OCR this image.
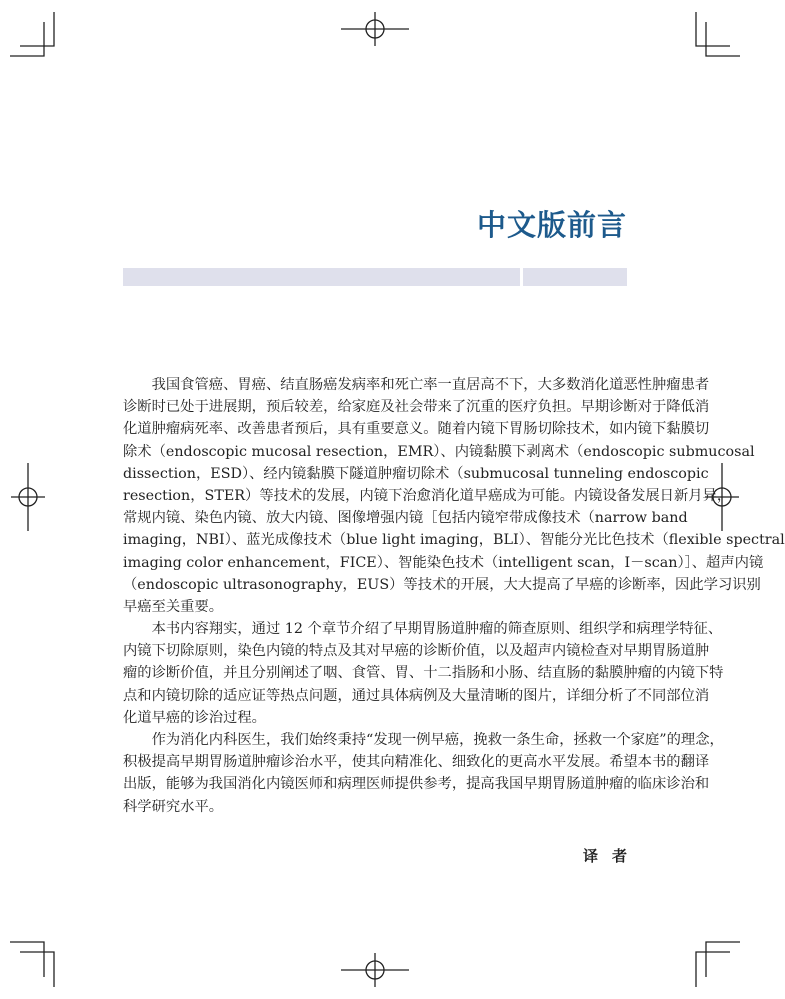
中文版前言
　　我国食管癌、胃癌、结直肠癌发病率和死亡率一直居高不下，大多数消化道恶性肿瘤患者
诊断时已处于进展期，预后较差，给家庭及社会带来了沉重的医疗负担。早期诊断对于降低消
化道肿瘤病死率、改善患者预后，具有重要意义。随着内镜下胃肠切除技术，如内镜下黏膜切
除术（endoscopic mucosal resection，EMR）、内镜黏膜下剥离术（endoscopic submucosal
dissection，ESD）、经内镜黏膜下隧道肿瘤切除术（submucosal tunneling endoscopic
resection，STER）等技术的发展，内镜下治愈消化道早癌成为可能。内镜设备发展日新月异，
常规内镜、染色内镜、放大内镜、图像增强内镜［包括内镜窄带成像技术（narrow band
imaging，NBI）、蓝光成像技术（blue light imaging，BLI）、智能分光比色技术（flexible spectral
imaging color enhancement，FICE）、智能染色技术（intelligent scan，I－scan）］、超声内镜
（endoscopic ultrasonography，EUS）等技术的开展，大大提高了早癌的诊断率，因此学习识别
早癌至关重要。
　　本书内容翔实，通过 12 个章节介绍了早期胃肠道肿瘤的筛查原则、组织学和病理学特征、
内镜下切除原则，染色内镜的特点及其对早癌的诊断价值，以及超声内镜检查对早期胃肠道肿
瘤的诊断价值，并且分别阐述了咽、食管、胃、十二指肠和小肠、结直肠的黏膜肿瘤的内镜下特
点和内镜切除的适应证等热点问题，通过具体病例及大量清晰的图片，详细分析了不同部位消
化道早癌的诊治过程。
　　作为消化内科医生，我们始终秉持“发现一例早癌，挽救一条生命，拯救一个家庭”的理念，
积极提高早期胃肠道肿瘤诊治水平，使其向精准化、细致化的更高水平发展。希望本书的翻译
出版，能够为我国消化内镜医师和病理医师提供参考，提高我国早期胃肠道肿瘤的临床诊治和
科学研究水平。
译者
